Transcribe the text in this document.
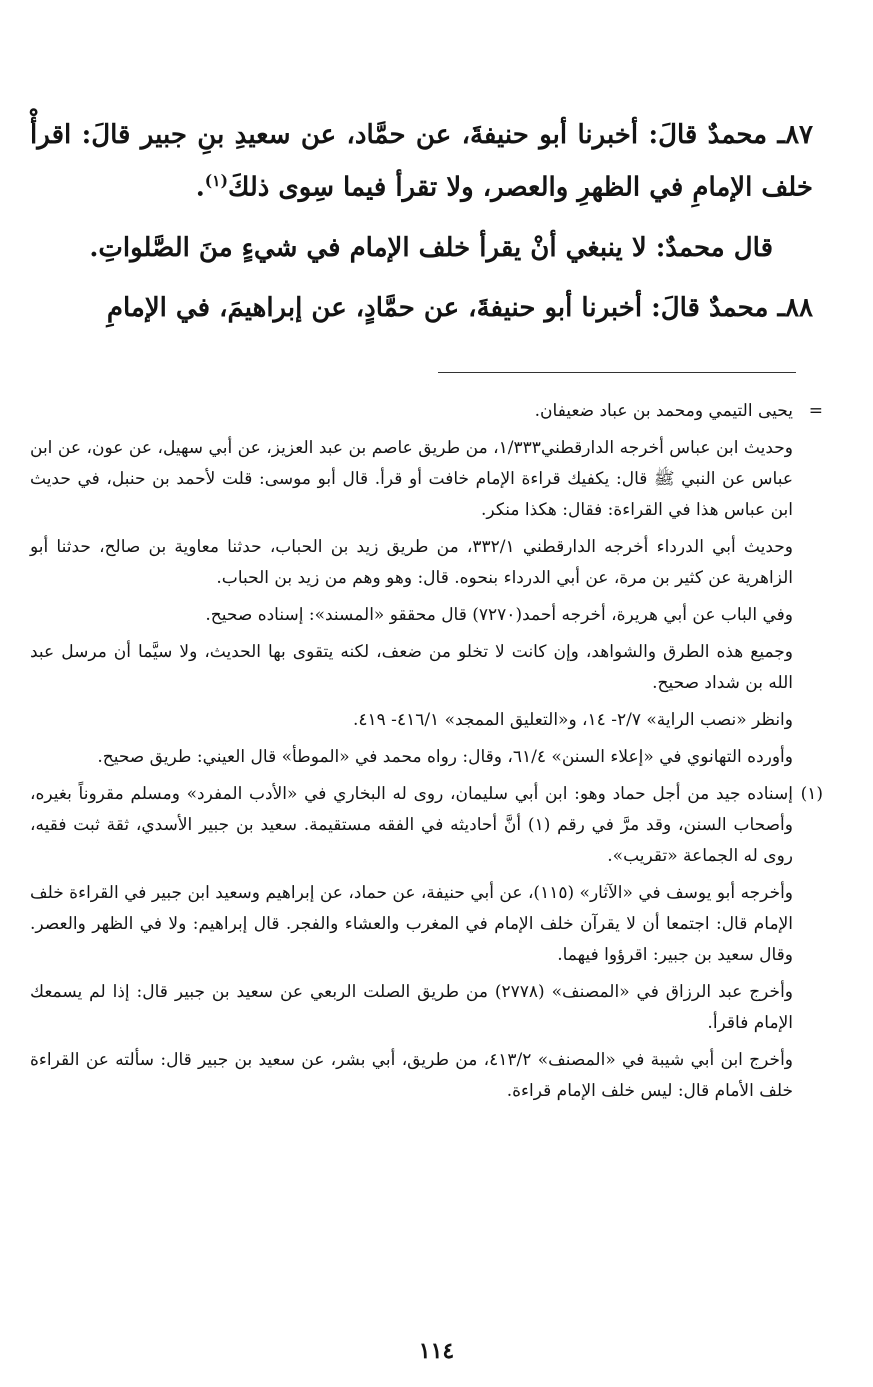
٨٧ـ محمدٌ قالَ: أخبرنا أبو حنيفةَ، عن حمَّاد، عن سعيدِ بنِ جبير قالَ: اقرأْ خلف الإمامِ في الظهرِ والعصر، ولا تقرأ فيما سِوى ذلكَ$^{(١)}$.

قال محمدٌ: لا ينبغي أنْ يقرأ خلف الإمام في شيءٍ منَ الصَّلواتِ.

٨٨ـ محمدٌ قالَ: أخبرنا أبو حنيفةَ، عن حمَّادٍ، عن إبراهيمَ، في الإمامِ

=
يحيى التيمي ومحمد بن عباد ضعيفان.

وحديث ابن عباس أخرجه الدارقطني١/٣٣٣، من طريق عاصم بن عبد العزيز، عن أبي سهيل، عن عون، عن ابن عباس عن النبي ﷺ قال: يكفيك قراءة الإمام خافت أو قرأ. قال أبو موسى: قلت لأحمد بن حنبل، في حديث ابن عباس هذا في القراءة: فقال: هكذا منكر.

وحديث أبي الدرداء أخرجه الدارقطني ٣٣٢/١، من طريق زيد بن الحباب، حدثنا معاوية بن صالح، حدثنا أبو الزاهرية عن كثير بن مرة، عن أبي الدرداء بنحوه. قال: وهو وهم من زيد بن الحباب.

وفي الباب عن أبي هريرة، أخرجه أحمد(٧٢٧٠) قال محققو «المسند»: إسناده صحيح.

وجميع هذه الطرق والشواهد، وإن كانت لا تخلو من ضعف، لكنه يتقوى بها الحديث، ولا سيَّما أن مرسل عبد الله بن شداد صحيح.

وانظر «نصب الراية» ٢/٧- ١٤، و«التعليق الممجد» ٤١٦/١- ٤١٩.

وأورده التهانوي في «إعلاء السنن» ٦١/٤، وقال: رواه محمد في «الموطأ» قال العيني: طريق صحيح.

(١)
إسناده جيد من أجل حماد وهو: ابن أبي سليمان، روى له البخاري في «الأدب المفرد» ومسلم مقروناً بغيره، وأصحاب السنن، وقد مرَّ في رقم (١) أنَّ أحاديثه في الفقه مستقيمة. سعيد بن جبير الأسدي، ثقة ثبت فقيه، روى له الجماعة «تقريب».

وأخرجه أبو يوسف في «الآثار» (١١٥)، عن أبي حنيفة، عن حماد، عن إبراهيم وسعيد ابن جبير في القراءة خلف الإمام قال: اجتمعا أن لا يقرآن خلف الإمام في المغرب والعشاء والفجر. قال إبراهيم: ولا في الظهر والعصر. وقال سعيد بن جبير: اقرؤوا فيهما.

وأخرج عبد الرزاق في «المصنف» (٢٧٧٨) من طريق الصلت الربعي عن سعيد بن جبير قال: إذا لم يسمعك الإمام فاقرأ.

وأخرج ابن أبي شيبة في «المصنف» ٤١٣/٢، من طريق، أبي بشر، عن سعيد بن جبير قال: سألته عن القراءة خلف الأمام قال: ليس خلف الإمام قراءة.

١١٤
